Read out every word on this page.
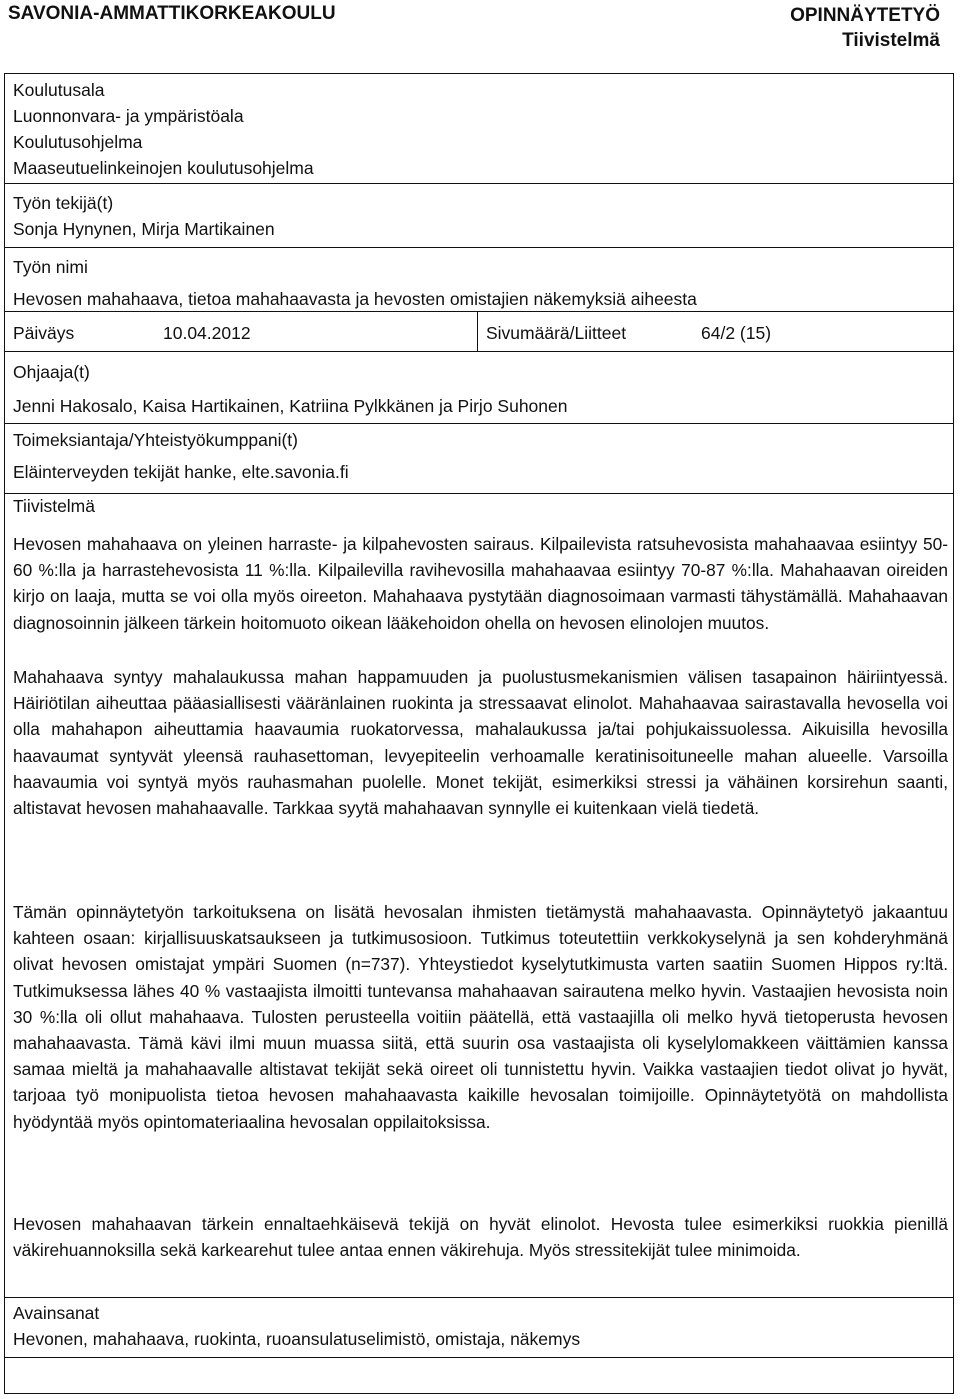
SAVONIA-AMMATTIKORKEAKOULU	OPINNÄYTETYÖ
Tiivistelmä
Koulutusala
Luonnonvara- ja ympäristöala
Koulutusohjelma
Maaseutuelinkeinojen koulutusohjelma
Työn tekijä(t)
Sonja Hynynen, Mirja Martikainen
Työn nimi
Hevosen mahahaava, tietoa mahahaavasta ja hevosten omistajien näkemyksiä aiheesta
Päiväys	10.04.2012	Sivumäärä/Liitteet	64/2 (15)
Ohjaaja(t)
Jenni Hakosalo, Kaisa Hartikainen, Katriina Pylkkänen ja Pirjo Suhonen
Toimeksiantaja/Yhteistyökumppani(t)
Eläinterveyden tekijät hanke, elte.savonia.fi
Tiivistelmä

Hevosen mahahaava on yleinen harraste- ja kilpahevosten sairaus. Kilpailevista ratsuhevosista mahahaavaa esiintyy 50-60 %:lla ja harrastehevosista 11 %:lla. Kilpailevilla ravihevosilla mahahaavaa esiintyy 70-87 %:lla. Mahahaavan oireiden kirjo on laaja, mutta se voi olla myös oireeton. Mahahaava pystytään diagnosoimaan varmasti tähystämällä. Mahahaavan diagnosoinnin jälkeen tärkein hoitomuoto oikean lääkehoidon ohella on hevosen elinolojen muutos.

Mahahaava syntyy mahalaukussa mahan happamuuden ja puolustusmekanismien välisen tasapainon häiriintyessä. Häiriötilan aiheuttaa pääasiallisesti vääränlainen ruokinta ja stressaavat elinolot. Mahahaavaa sairastavalla hevosella voi olla mahahapon aiheuttamia haavaumia ruokatorvessa, mahalaukussa ja/tai pohjukaissuolessa. Aikuisilla hevosilla haavaumat syntyvät yleensä rauhasettoman, levyepiteelin verhoamalle keratinisoituneelle mahan alueelle. Varsoilla haavaumia voi syntyä myös rauhasmahan puolelle. Monet tekijät, esimerkiksi stressi ja vähäinen korsirehun saanti, altistavat hevosen mahahaavalle. Tarkkaa syytä mahahaavan synnylle ei kuitenkaan vielä tiedetä.

Tämän opinnäytetyön tarkoituksena on lisätä hevosalan ihmisten tietämystä mahahaavasta. Opinnäytetyö jakaantuu kahteen osaan: kirjallisuuskatsaukseen ja tutkimusosioon. Tutkimus toteutettiin verkkokyselynä ja sen kohderyhmänä olivat hevosen omistajat ympäri Suomen (n=737). Yhteystiedot kyselytutkimusta varten saatiin Suomen Hippos ry:ltä. Tutkimuksessa lähes 40 % vastaajista ilmoitti tuntevansa mahahaavan sairautena melko hyvin. Vastaajien hevosista noin 30 %:lla oli ollut mahahaava. Tulosten perusteella voitiin päätellä, että vastaajilla oli melko hyvä tietoperusta hevosen mahahaavasta. Tämä kävi ilmi muun muassa siitä, että suurin osa vastaajista oli kyselylomakkeen väittämien kanssa samaa mieltä ja mahahaavalle altistavat tekijät sekä oireet oli tunnistettu hyvin. Vaikka vastaajien tiedot olivat jo hyvät, tarjoaa työ monipuolista tietoa hevosen mahahaavasta kaikille hevosalan toimijoille. Opinnäytetyötä on mahdollista hyödyntää myös opintomateriaalina hevosalan oppilaitoksissa.

Hevosen mahahaavan tärkein ennaltaehkäisevä tekijä on hyvät elinolot. Hevosta tulee esimerkiksi ruokkia pienillä väkirehuannoksilla sekä karkearehut tulee antaa ennen väkirehuja. Myös stressitekijät tulee minimoida.

Avainsanat
Hevonen, mahahaava, ruokinta, ruoansulatuselimistö, omistaja, näkemys
